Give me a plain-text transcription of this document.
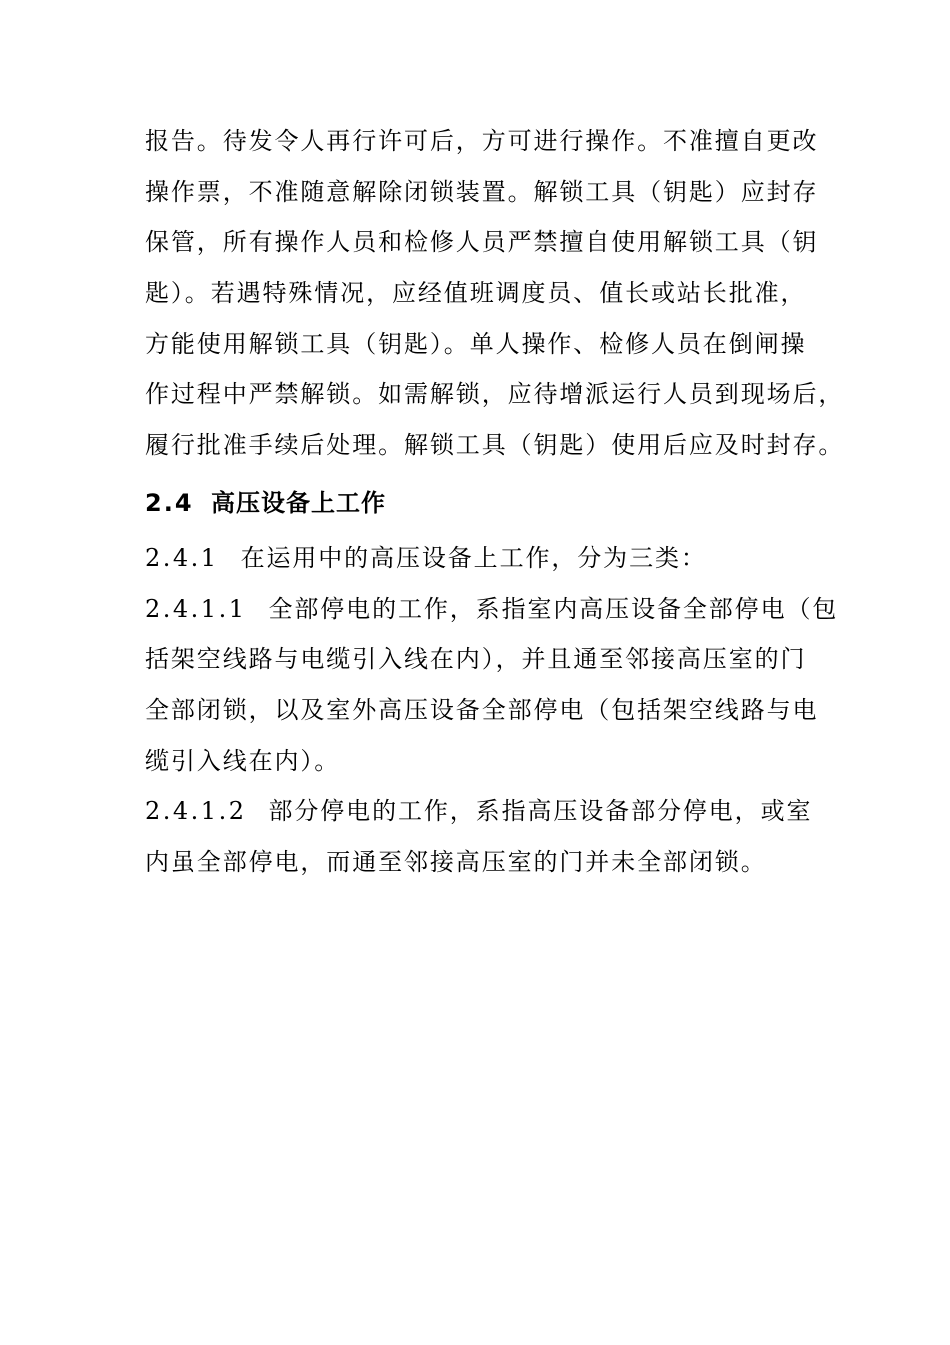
报告。待发令人再行许可后，方可进行操作。不准擅自更改
操作票，不准随意解除闭锁装置。解锁工具（钥匙）应封存
保管，所有操作人员和检修人员严禁擅自使用解锁工具（钥
匙）。若遇特殊情况，应经值班调度员、值长或站长批准，
方能使用解锁工具（钥匙）。单人操作、检修人员在倒闸操
作过程中严禁解锁。如需解锁，应待增派运行人员到现场后，
履行批准手续后处理。解锁工具（钥匙）使用后应及时封存。
2.4 高压设备上工作
2.4.1 在运用中的高压设备上工作，分为三类：
2.4.1.1 全部停电的工作，系指室内高压设备全部停电（包
括架空线路与电缆引入线在内），并且通至邻接高压室的门
全部闭锁，以及室外高压设备全部停电（包括架空线路与电
缆引入线在内）。
2.4.1.2 部分停电的工作，系指高压设备部分停电，或室
内虽全部停电，而通至邻接高压室的门并未全部闭锁。
